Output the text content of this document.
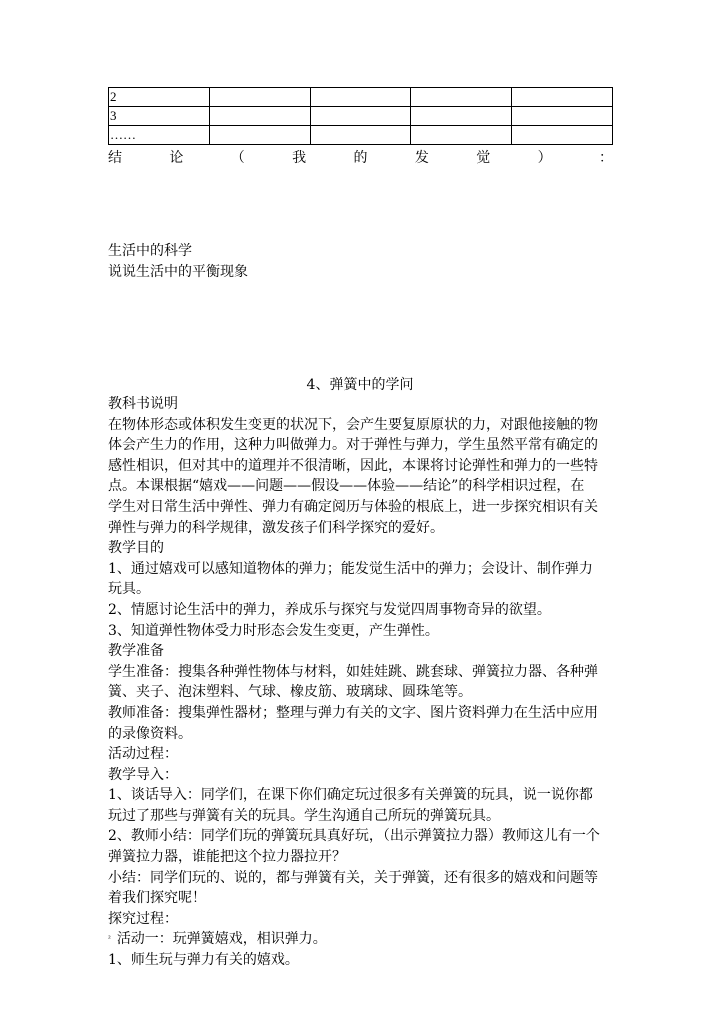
2				
3				
……				
结	论	（	我	的	发	觉	）	：

生活中的科学

说说生活中的平衡现象

4、弹簧中的学问

教科书说明

在物体形态或体积发生变更的状况下，会产生要复原原状的力，对跟他接触的物

体会产生力的作用，这种力叫做弹力。对于弹性与弹力，学生虽然平常有确定的

感性相识，但对其中的道理并不很清晰，因此，本课将讨论弹性和弹力的一些特

点。本课根据“嬉戏——问题——假设——体验——结论”的科学相识过程，在

学生对日常生活中弹性、弹力有确定阅历与体验的根底上，进一步探究相识有关

弹性与弹力的科学规律，激发孩子们科学探究的爱好。

教学目的

1、通过嬉戏可以感知道物体的弹力；能发觉生活中的弹力；会设计、制作弹力

玩具。

2、情愿讨论生活中的弹力，养成乐与探究与发觉四周事物奇异的欲望。

3、知道弹性物体受力时形态会发生变更，产生弹性。

教学准备

学生准备：搜集各种弹性物体与材料，如娃娃跳、跳套球、弹簧拉力器、各种弹

簧、夹子、泡沫塑料、气球、橡皮筋、玻璃球、圆珠笔等。

教师准备：搜集弹性器材；整理与弹力有关的文字、图片资料弹力在生活中应用

的录像资料。

活动过程：

教学导入：

1、谈话导入：同学们，在课下你们确定玩过很多有关弹簧的玩具，说一说你都

玩过了那些与弹簧有关的玩具。学生沟通自己所玩的弹簧玩具。

2、教师小结：同学们玩的弹簧玩具真好玩，（出示弹簧拉力器）教师这儿有一个

弹簧拉力器，谁能把这个拉力器拉开？

小结：同学们玩的、说的，都与弹簧有关，关于弹簧，还有很多的嬉戏和问题等

着我们探究呢！

探究过程：

$^{^2}$ 活动一：玩弹簧嬉戏，相识弹力。

1、师生玩与弹力有关的嬉戏。
